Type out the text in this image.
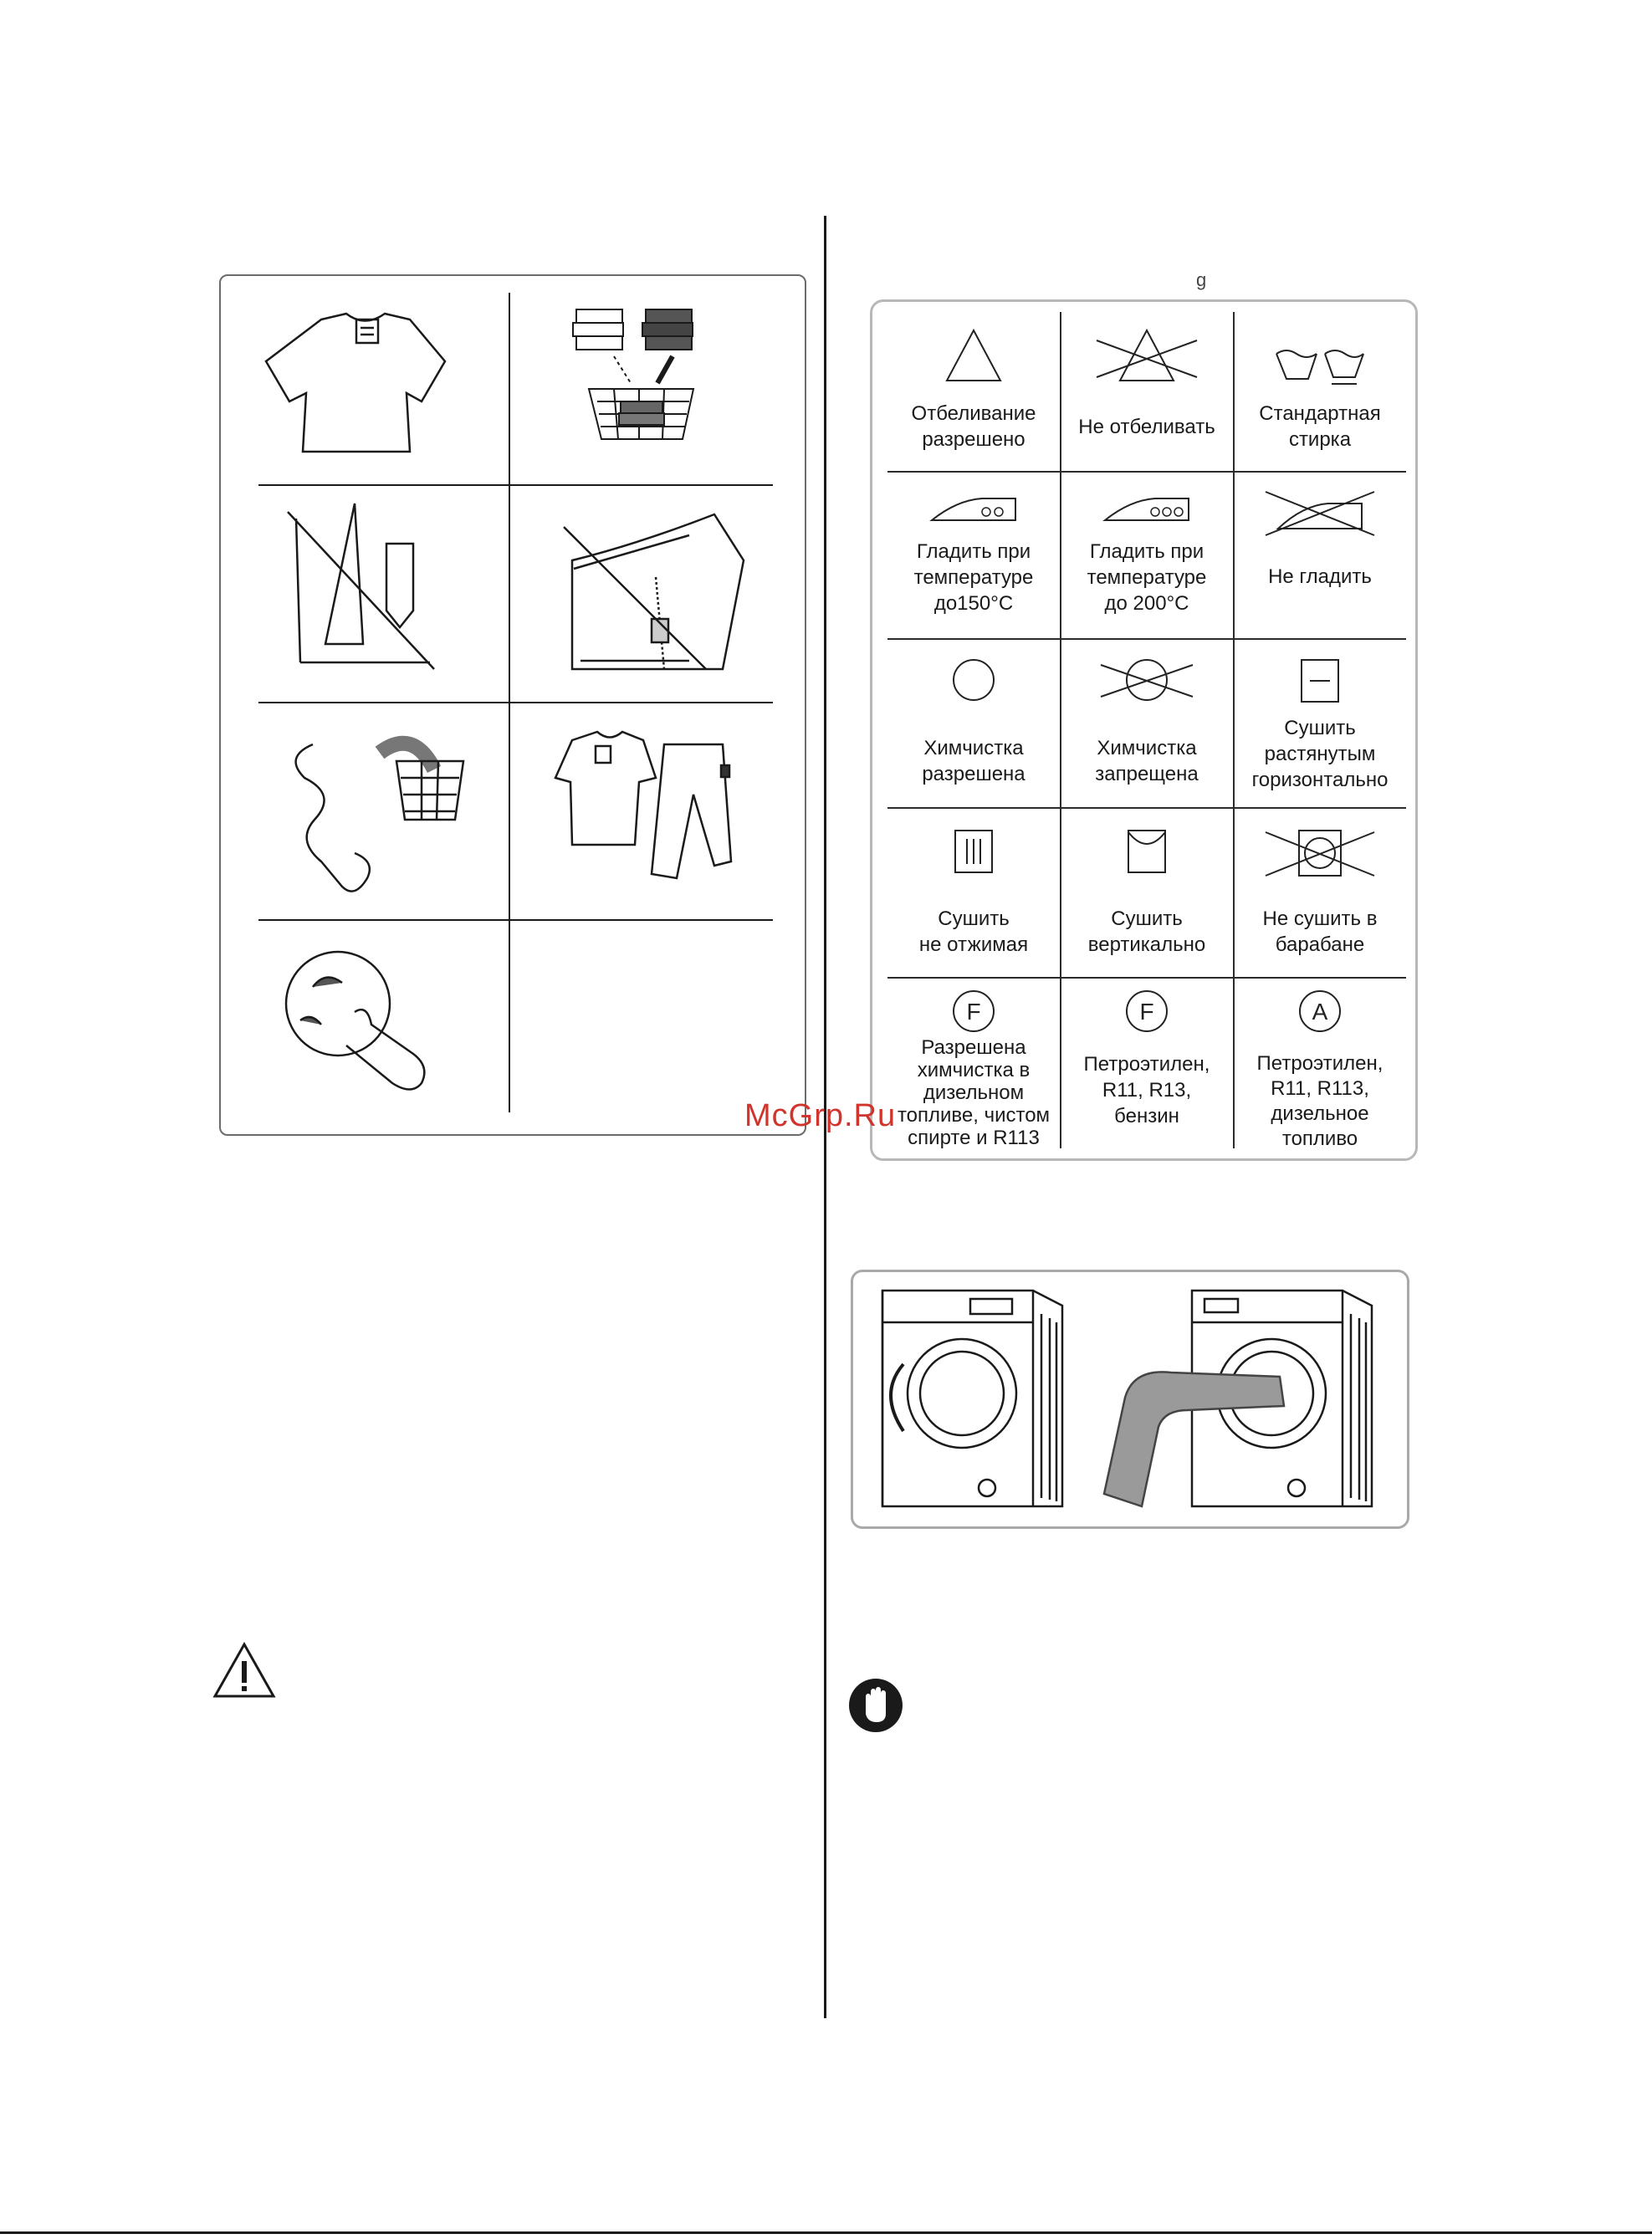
g
Отбеливание
разрешено
Не отбеливать
Стандартная
стирка
Гладить при
температуре
до150°C
Гладить при
температуре
до 200°C
Не гладить
Химчистка
разрешена
Химчистка
запрещена
Сушить
растянутым
горизонтально
Сушить
не отжимая
Сушить
вертикально
Не сушить в
барабане
F
Разрешена
химчистка в
дизельном
топливе, чистом
спирте и R113
F
Петроэтилен,
R11, R13,
бензин
A
Петроэтилен,
R11, R113,
дизельное
топливо
McGrp.Ru
